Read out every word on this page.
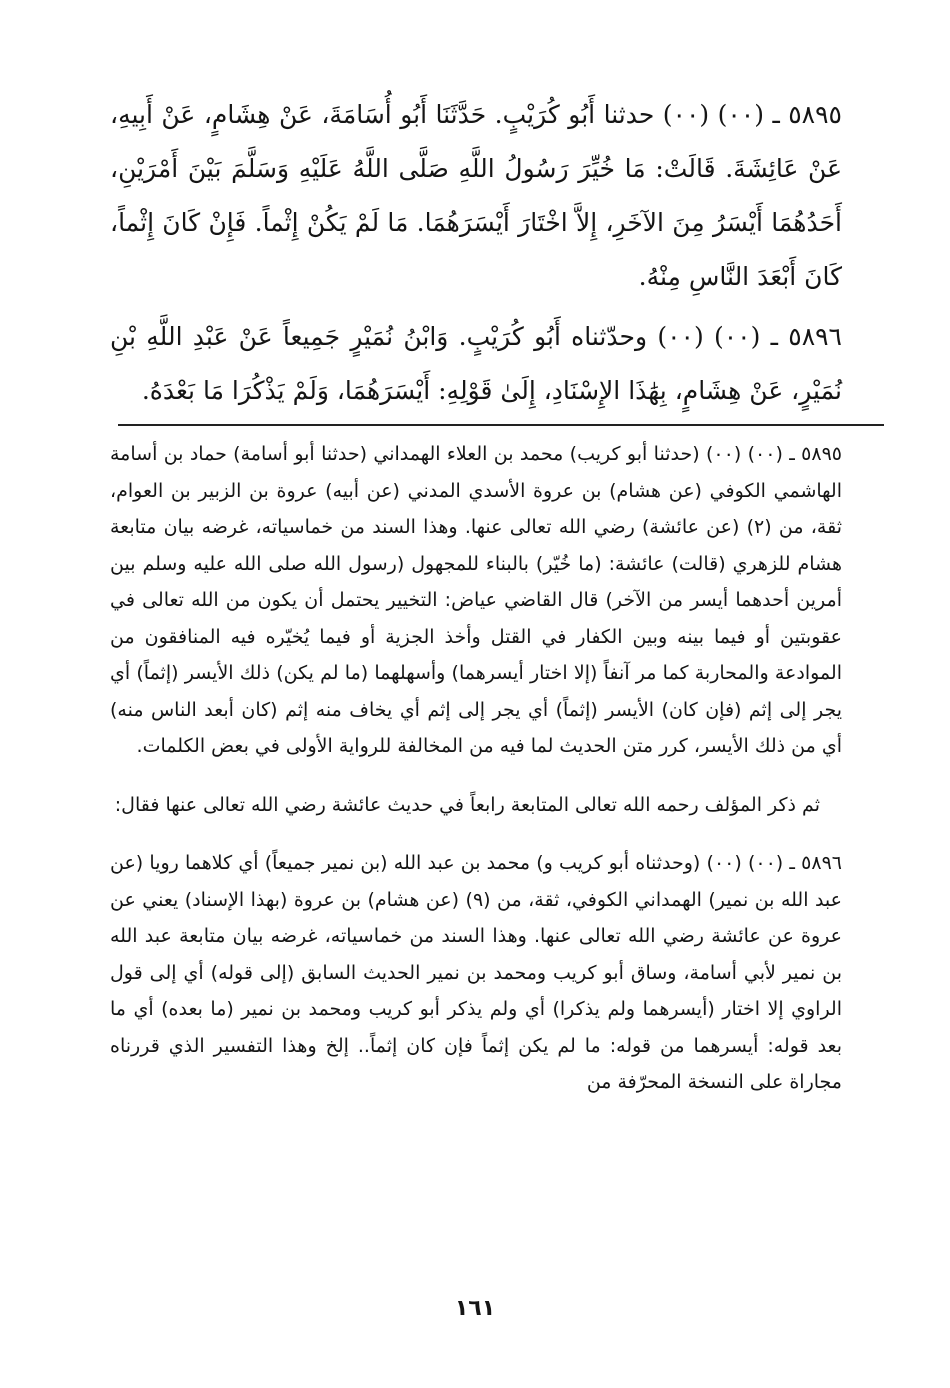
٥٨٩٥ ـ (٠٠) (٠٠) حدثنا أَبُو كُرَيْبٍ. حَدَّثَنَا أَبُو أُسَامَةَ، عَنْ هِشَامٍ، عَنْ أَبِيهِ، عَنْ عَائِشَةَ. قَالَتْ: مَا خُيِّرَ رَسُولُ اللَّهِ صَلَّى اللَّهُ عَلَيْهِ وَسَلَّمَ بَيْنَ أَمْرَيْنِ، أَحَدُهُمَا أَيْسَرُ مِنَ الآخَرِ، إِلاَّ اخْتَارَ أَيْسَرَهُمَا. مَا لَمْ يَكُنْ إِثْماً. فَإِنْ كَانَ إِثْماً، كَانَ أَبْعَدَ النَّاسِ مِنْهُ.

٥٨٩٦ ـ (٠٠) (٠٠) وحدّثناه أَبُو كُرَيْبٍ. وَابْنُ نُمَيْرٍ جَمِيعاً عَنْ عَبْدِ اللَّهِ بْنِ نُمَيْرٍ، عَنْ هِشَامٍ، بِهَٰذَا الإِسْنَادِ، إِلَىٰ قَوْلِهِ: أَيْسَرَهُمَا، وَلَمْ يَذْكُرَا مَا بَعْدَهُ.

٥٨٩٥ ـ (٠٠) (٠٠) (حدثنا أبو كريب) محمد بن العلاء الهمداني (حدثنا أبو أسامة) حماد بن أسامة الهاشمي الكوفي (عن هشام) بن عروة الأسدي المدني (عن أبيه) عروة بن الزبير بن العوام، ثقة، من (٢) (عن عائشة) رضي الله تعالى عنها. وهذا السند من خماسياته، غرضه بيان متابعة هشام للزهري (قالت) عائشة: (ما خُيّر) بالبناء للمجهول (رسول الله صلى الله عليه وسلم بين أمرين أحدهما أيسر من الآخر) قال القاضي عياض: التخيير يحتمل أن يكون من الله تعالى في عقوبتين أو فيما بينه وبين الكفار في القتل وأخذ الجزية أو فيما يُخيّره فيه المنافقون من الموادعة والمحاربة كما مر آنفاً (إلا اختار أيسرهما) وأسهلهما (ما لم يكن) ذلك الأيسر (إثماً) أي يجر إلى إثم (فإن كان) الأيسر (إثماً) أي يجر إلى إثم أي يخاف منه إثم (كان أبعد الناس منه) أي من ذلك الأيسر، كرر متن الحديث لما فيه من المخالفة للرواية الأولى في بعض الكلمات.

ثم ذكر المؤلف رحمه الله تعالى المتابعة رابعاً في حديث عائشة رضي الله تعالى عنها فقال:

٥٨٩٦ ـ (٠٠) (٠٠) (وحدثناه أبو كريب و) محمد بن عبد الله (بن نمير جميعاً) أي كلاهما رويا (عن عبد الله بن نمير) الهمداني الكوفي، ثقة، من (٩) (عن هشام) بن عروة (بهذا الإسناد) يعني عن عروة عن عائشة رضي الله تعالى عنها. وهذا السند من خماسياته، غرضه بيان متابعة عبد الله بن نمير لأبي أسامة، وساق أبو كريب ومحمد بن نمير الحديث السابق (إلى قوله) أي إلى قول الراوي إلا اختار (أيسرهما ولم يذكرا) أي ولم يذكر أبو كريب ومحمد بن نمير (ما بعده) أي ما بعد قوله: أيسرهما من قوله: ما لم يكن إثماً فإن كان إثماً.. إلخ وهذا التفسير الذي قررناه مجاراة على النسخة المحرّفة من

١٦١
